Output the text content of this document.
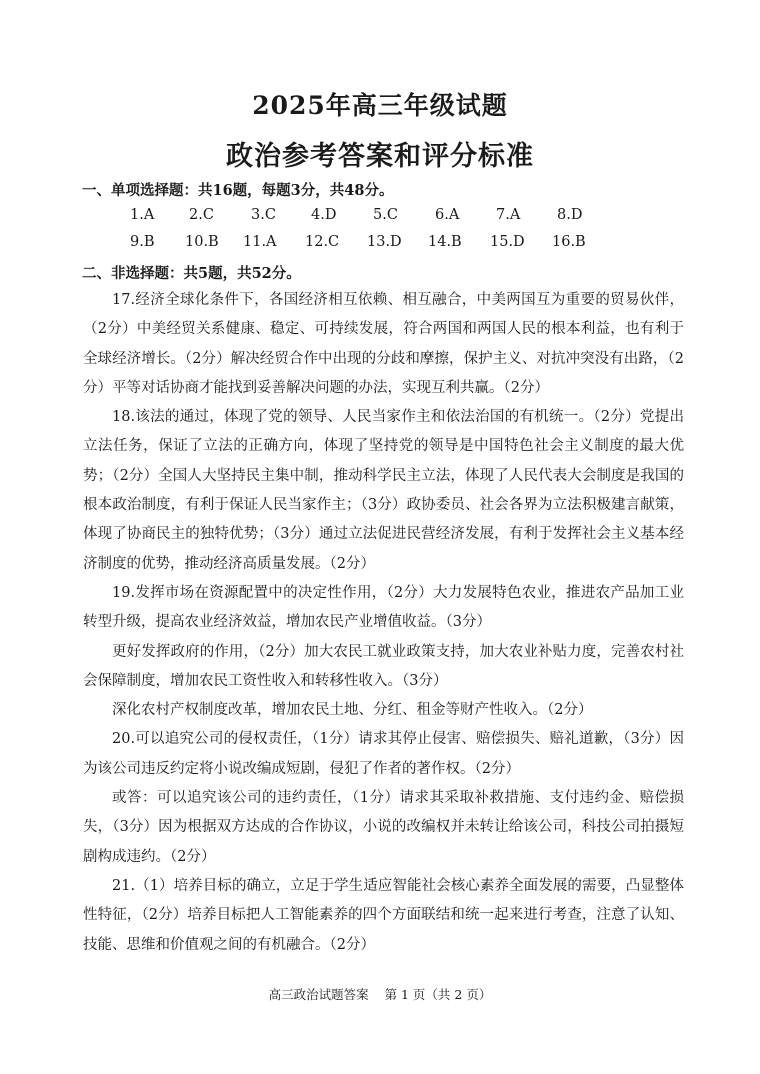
2025年高三年级试题
政治参考答案和评分标准
一、单项选择题：共16题，每题3分，共48分。
1.A 2.C	3.C 4.D	5.C	6.A	7.A	8.D
9.B 10.B 11.A 12.C 13.D 14.B 15.D 16.B
二、非选择题：共5题，共52分。

17.经济全球化条件下，各国经济相互依赖、相互融合，中美两国互为重要的贸易伙伴，（2分）中美经贸关系健康、稳定、可持续发展，符合两国和两国人民的根本利益，也有利于全球经济增长。（2分）解决经贸合作中出现的分歧和摩擦，保护主义、对抗冲突没有出路，（2分）平等对话协商才能找到妥善解决问题的办法，实现互利共赢。（2分）

18.该法的通过，体现了党的领导、人民当家作主和依法治国的有机统一。（2分）党提出立法任务，保证了立法的正确方向，体现了坚持党的领导是中国特色社会主义制度的最大优势；（2分）全国人大坚持民主集中制，推动科学民主立法，体现了人民代表大会制度是我国的根本政治制度，有利于保证人民当家作主；（3分）政协委员、社会各界为立法积极建言献策，体现了协商民主的独特优势；（3分）通过立法促进民营经济发展，有利于发挥社会主义基本经济制度的优势，推动经济高质量发展。（2分）

19.发挥市场在资源配置中的决定性作用，（2分）大力发展特色农业，推进农产品加工业转型升级，提高农业经济效益，增加农民产业增值收益。（3分）

更好发挥政府的作用，（2分）加大农民工就业政策支持，加大农业补贴力度，完善农村社会保障制度，增加农民工资性收入和转移性收入。（3分）

深化农村产权制度改革，增加农民土地、分红、租金等财产性收入。（2分）

20.可以追究公司的侵权责任，（1分）请求其停止侵害、赔偿损失、赔礼道歉，（3分）因为该公司违反约定将小说改编成短剧，侵犯了作者的著作权。（2分）

或答：可以追究该公司的违约责任，（1分）请求其采取补救措施、支付违约金、赔偿损失，（3分）因为根据双方达成的合作协议，小说的改编权并未转让给该公司，科技公司拍摄短剧构成违约。（2分）

21.（1）培养目标的确立，立足于学生适应智能社会核心素养全面发展的需要，凸显整体性特征，（2分）培养目标把人工智能素养的四个方面联结和统一起来进行考查，注意了认知、技能、思维和价值观之间的有机融合。（2分）

高三政治试题答案    第 1 页（共 2 页）
